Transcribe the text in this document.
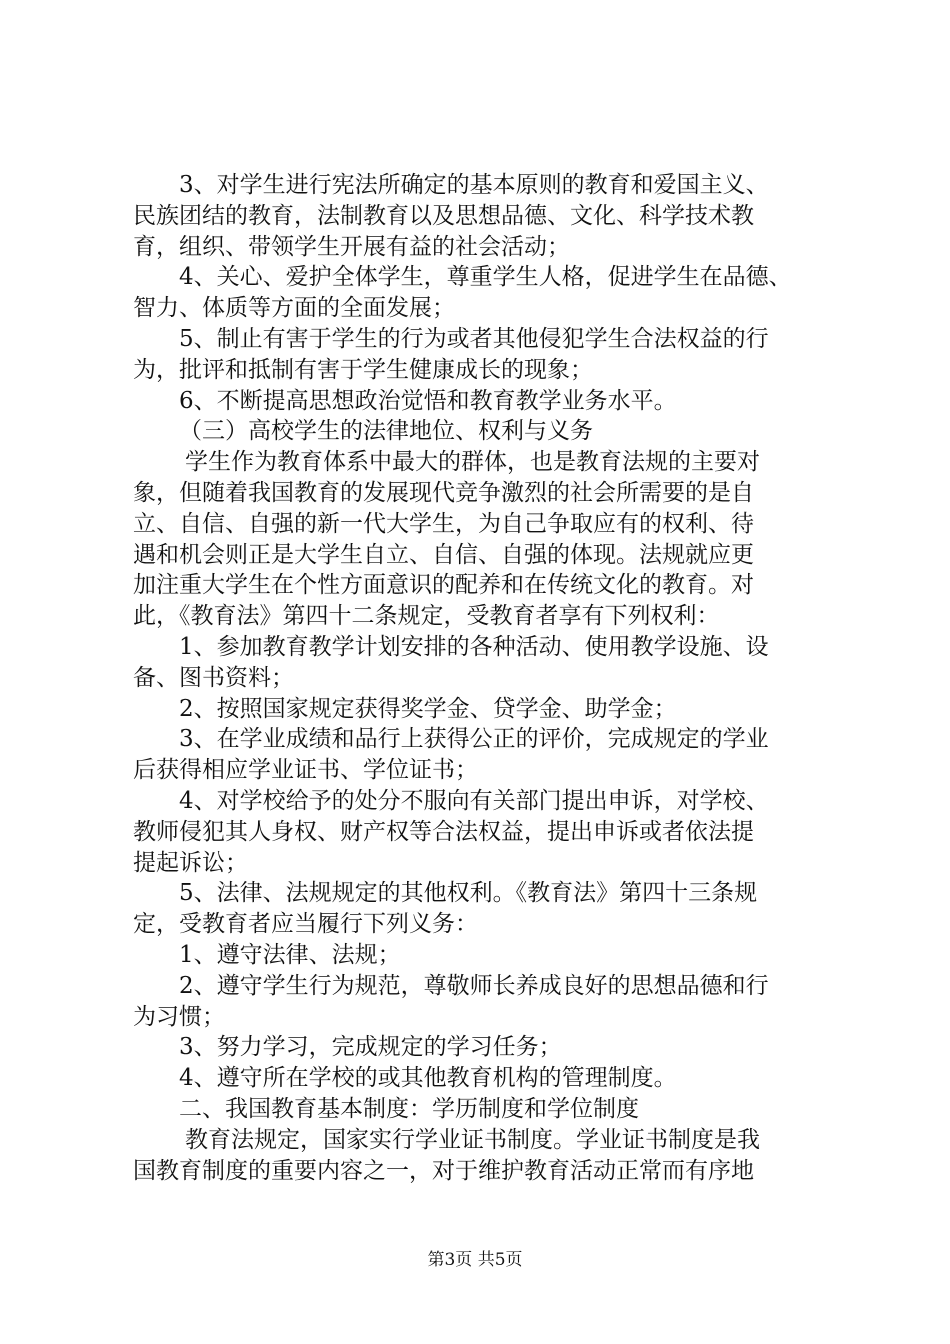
3、对学生进行宪法所确定的基本原则的教育和爱国主义、
民族团结的教育，法制教育以及思想品德、文化、科学技术教
育，组织、带领学生开展有益的社会活动；
4、关心、爱护全体学生，尊重学生人格，促进学生在品德、
智力、体质等方面的全面发展；
5、制止有害于学生的行为或者其他侵犯学生合法权益的行
为，批评和抵制有害于学生健康成长的现象；
6、不断提高思想政治觉悟和教育教学业务水平。
（三）高校学生的法律地位、权利与义务
学生作为教育体系中最大的群体，也是教育法规的主要对
象，但随着我国教育的发展现代竞争激烈的社会所需要的是自
立、自信、自强的新一代大学生，为自己争取应有的权利、待
遇和机会则正是大学生自立、自信、自强的体现。法规就应更
加注重大学生在个性方面意识的配养和在传统文化的教育。对
此，《教育法》第四十二条规定，受教育者享有下列权利：
1、参加教育教学计划安排的各种活动、使用教学设施、设
备、图书资料；
2、按照国家规定获得奖学金、贷学金、助学金；
3、在学业成绩和品行上获得公正的评价，完成规定的学业
后获得相应学业证书、学位证书；
4、对学校给予的处分不服向有关部门提出申诉，对学校、
教师侵犯其人身权、财产权等合法权益，提出申诉或者依法提
提起诉讼；
5、法律、法规规定的其他权利。《教育法》第四十三条规
定，受教育者应当履行下列义务：
1、遵守法律、法规；
2、遵守学生行为规范，尊敬师长养成良好的思想品德和行
为习惯；
3、努力学习，完成规定的学习任务；
4、遵守所在学校的或其他教育机构的管理制度。
二、我国教育基本制度：学历制度和学位制度
教育法规定，国家实行学业证书制度。学业证书制度是我
国教育制度的重要内容之一，对于维护教育活动正常而有序地
第3页 共5页
